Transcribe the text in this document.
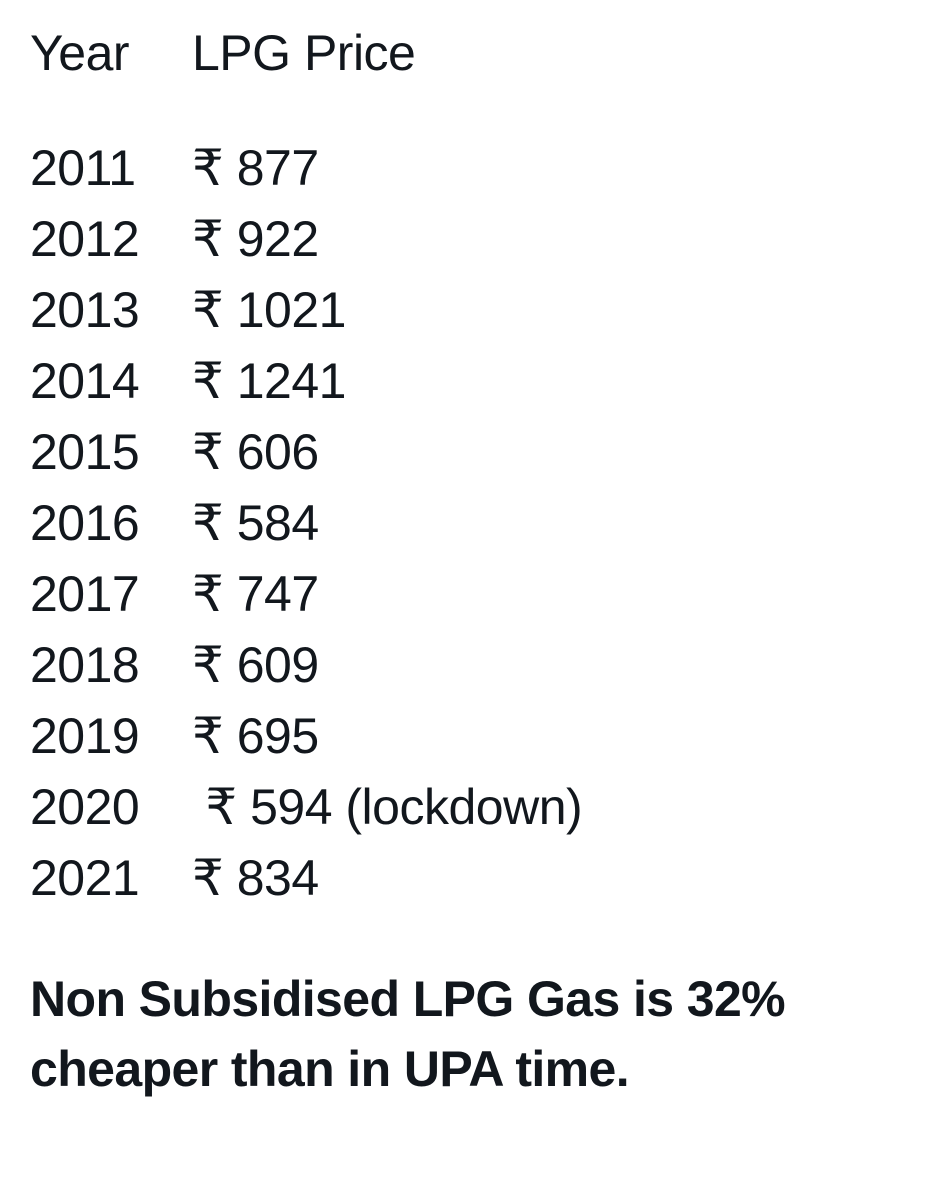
Year	LPG Price
2011	₹ 877
2012	₹ 922
2013	₹ 1021
2014	₹ 1241
2015	₹ 606
2016	₹ 584
2017	₹ 747
2018	₹ 609
2019	₹ 695
2020	₹ 594 (lockdown)
2021	₹ 834
Non Subsidised LPG Gas is 32% cheaper than in UPA time.
